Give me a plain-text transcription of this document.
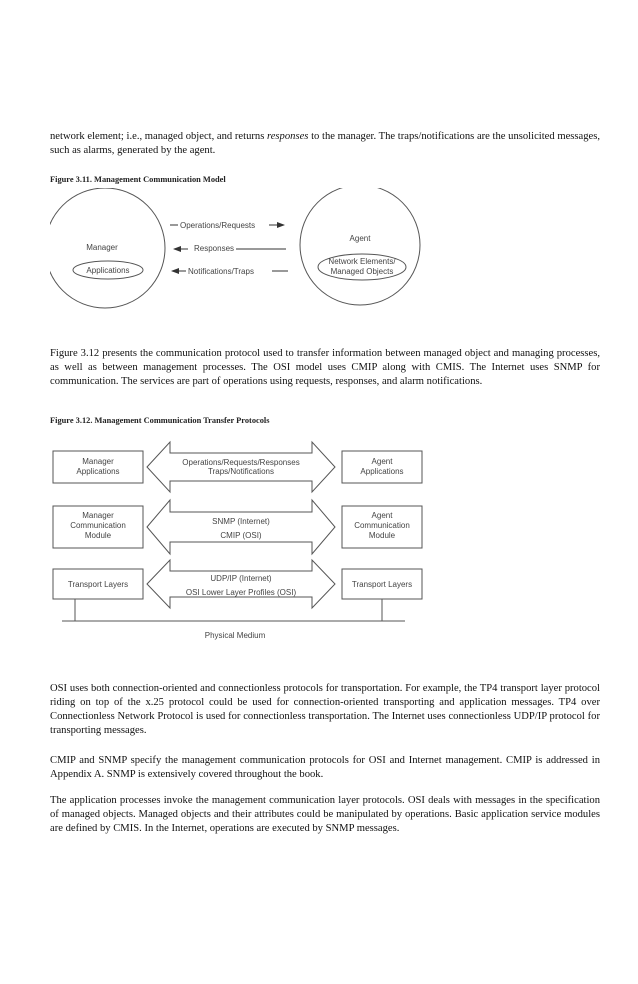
network element; i.e., managed object, and returns responses to the manager. The traps/notifications are the unsolicited messages, such as alarms, generated by the agent.

Figure 3.11. Management Communication Model

Manager
Applications
Agent
Network Elements/
Managed Objects
Operations/Requests
Responses
Notifications/Traps

Figure 3.12 presents the communication protocol used to transfer information between managed object and managing processes, as well as between management processes. The OSI model uses CMIP along with CMIS. The Internet uses SNMP for communication. The services are part of operations using requests, responses, and alarm notifications.

Figure 3.12. Management Communication Transfer Protocols

Manager
Applications
Manager
Communication
Module
Transport Layers
Agent
Applications
Agent
Communication
Module
Transport Layers
Operations/Requests/Responses
Traps/Notifications
SNMP (Internet)
CMIP (OSI)
UDP/IP (Internet)
OSI Lower Layer Profiles (OSI)
Physical Medium

OSI uses both connection-oriented and connectionless protocols for transportation. For example, the TP4 transport layer protocol riding on top of the x.25 protocol could be used for connection-oriented transporting and application messages. TP4 over Connectionless Network Protocol is used for connectionless transportation. The Internet uses connectionless UDP/IP protocol for transporting messages.

CMIP and SNMP specify the management communication protocols for OSI and Internet management. CMIP is addressed in Appendix A. SNMP is extensively covered throughout the book.

The application processes invoke the management communication layer protocols. OSI deals with messages in the specification of managed objects. Managed objects and their attributes could be manipulated by operations. Basic application service modules are defined by CMIS. In the Internet, operations are executed by SNMP messages.
